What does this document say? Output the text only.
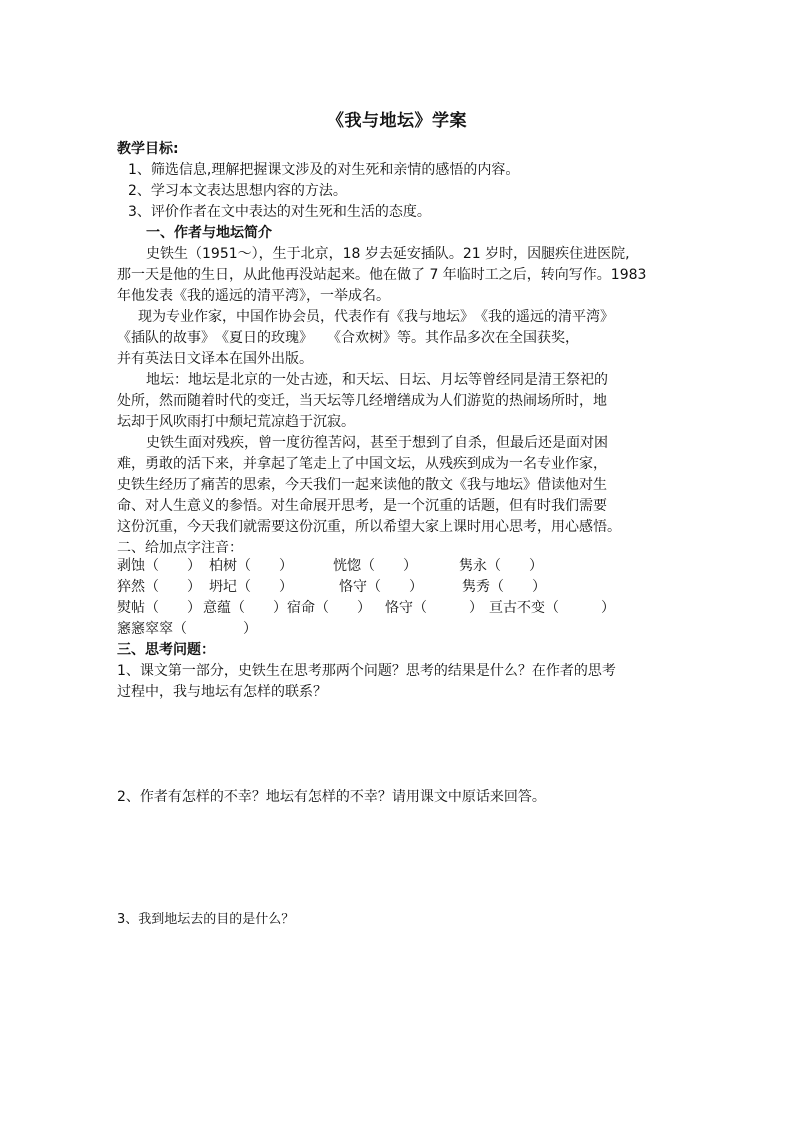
《我与地坛》学案
教学目标:
1、筛选信息,理解把握课文涉及的对生死和亲情的感悟的内容。
2、学习本文表达思想内容的方法。
3、评价作者在文中表达的对生死和生活的态度。
一、作者与地坛简介
史铁生（1951～），生于北京，18 岁去延安插队。21 岁时，因腿疾住进医院,
那一天是他的生日，从此他再没站起来。他在做了 7 年临时工之后，转向写作。1983
年他发表《我的遥远的清平湾》，一举成名。
现为专业作家，中国作协会员，代表作有《我与地坛》　《我的遥远的清平湾》
《插队的故事》　《夏日的玫瑰》　　《合欢树》等。其作品多次在全国获奖，
并有英法日文译本在国外出版。
地坛：地坛是北京的一处古迹，和天坛、日坛、月坛等曾经同是清王祭祀的
处所，然而随着时代的变迁，当天坛等几经增缮成为人们游览的热闹场所时，地
坛却于风吹雨打中颓圮荒凉趋于沉寂。
史铁生面对残疾，曾一度彷徨苦闷，甚至于想到了自杀，但最后还是面对困
难，勇敢的活下来，并拿起了笔走上了中国文坛，从残疾到成为一名专业作家，
史铁生经历了痛苦的思索，今天我们一起来读他的散文《我与地坛》借读他对生
命、对人生意义的参悟。对生命展开思考，是一个沉重的话题，但有时我们需要
这份沉重，今天我们就需要这份沉重，所以希望大家上课时用心思考，用心感悟。
二、给加点字注音：
剥蚀（　　） 柏树（　　）	恍惚（　　）	隽永（　　）
猝然（　　） 坍圮（　　）	恪守（　　）	隽秀（　　）
熨帖（　　） 意蕴（　　） 宿命（　　） 恪守（　　　） 亘古不变（　　　）
窸窸窣窣（　　　　）
三、思考问题：
1、课文第一部分，史铁生在思考那两个问题？思考的结果是什么？在作者的思考
过程中，我与地坛有怎样的联系？
2、作者有怎样的不幸？地坛有怎样的不幸？请用课文中原话来回答。
3、我到地坛去的目的是什么？
